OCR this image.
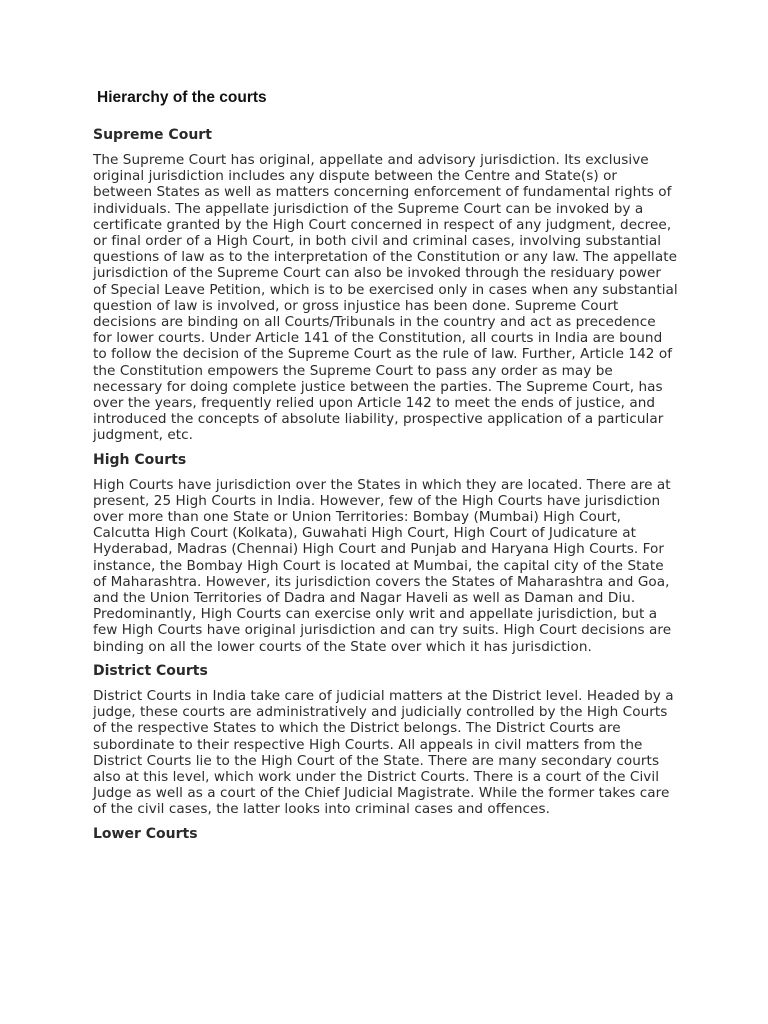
Hierarchy of the courts
Supreme Court

The Supreme Court has original, appellate and advisory jurisdiction. Its exclusive original jurisdiction includes any dispute between the Centre and State(s) or between States as well as matters concerning enforcement of fundamental rights of individuals. The appellate jurisdiction of the Supreme Court can be invoked by a certificate granted by the High Court concerned in respect of any judgment, decree, or final order of a High Court, in both civil and criminal cases, involving substantial questions of law as to the interpretation of the Constitution or any law. The appellate jurisdiction of the Supreme Court can also be invoked through the residuary power of Special Leave Petition, which is to be exercised only in cases when any substantial question of law is involved, or gross injustice has been done. Supreme Court decisions are binding on all Courts/Tribunals in the country and act as precedence for lower courts. Under Article 141 of the Constitution, all courts in India are bound to follow the decision of the Supreme Court as the rule of law. Further, Article 142 of the Constitution empowers the Supreme Court to pass any order as may be necessary for doing complete justice between the parties. The Supreme Court, has over the years, frequently relied upon Article 142 to meet the ends of justice, and introduced the concepts of absolute liability, prospective application of a particular judgment, etc.

High Courts

High Courts have jurisdiction over the States in which they are located. There are at present, 25 High Courts in India. However, few of the High Courts have jurisdiction over more than one State or Union Territories: Bombay (Mumbai) High Court, Calcutta High Court (Kolkata), Guwahati High Court, High Court of Judicature at Hyderabad, Madras (Chennai) High Court and Punjab and Haryana High Courts. For instance, the Bombay High Court is located at Mumbai, the capital city of the State of Maharashtra. However, its jurisdiction covers the States of Maharashtra and Goa, and the Union Territories of Dadra and Nagar Haveli as well as Daman and Diu. Predominantly, High Courts can exercise only writ and appellate jurisdiction, but a few High Courts have original jurisdiction and can try suits. High Court decisions are binding on all the lower courts of the State over which it has jurisdiction.

District Courts

District Courts in India take care of judicial matters at the District level. Headed by a judge, these courts are administratively and judicially controlled by the High Courts of the respective States to which the District belongs. The District Courts are subordinate to their respective High Courts. All appeals in civil matters from the District Courts lie to the High Court of the State. There are many secondary courts also at this level, which work under the District Courts. There is a court of the Civil Judge as well as a court of the Chief Judicial Magistrate. While the former takes care of the civil cases, the latter looks into criminal cases and offences.

Lower Courts
